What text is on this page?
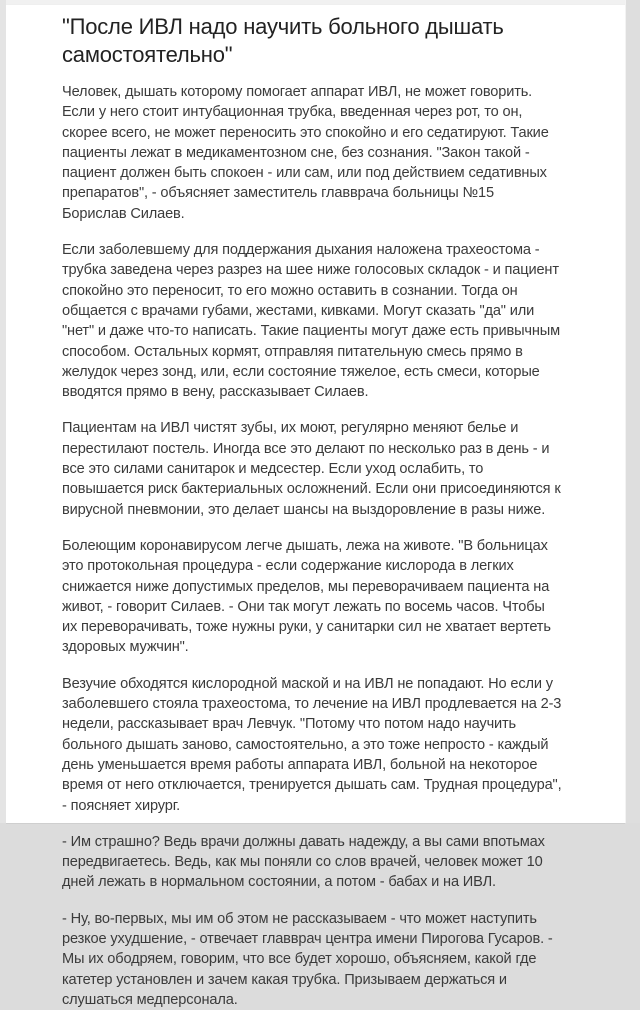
"После ИВЛ надо научить больного дышать самостоятельно"

Человек, дышать которому помогает аппарат ИВЛ, не может говорить. Если у него стоит интубационная трубка, введенная через рот, то он, скорее всего, не может переносить это спокойно и его седатируют. Такие пациенты лежат в медикаментозном сне, без сознания. "Закон такой - пациент должен быть спокоен - или сам, или под действием седативных препаратов", - объясняет заместитель главврача больницы №15 Борислав Силаев.

Если заболевшему для поддержания дыхания наложена трахеостома - трубка заведена через разрез на шее ниже голосовых складок - и пациент спокойно это переносит, то его можно оставить в сознании. Тогда он общается с врачами губами, жестами, кивками. Могут сказать "да" или "нет" и даже что-то написать. Такие пациенты могут даже есть привычным способом. Остальных кормят, отправляя питательную смесь прямо в желудок через зонд, или, если состояние тяжелое, есть смеси, которые вводятся прямо в вену, рассказывает Силаев.

Пациентам на ИВЛ чистят зубы, их моют, регулярно меняют белье и перестилают постель. Иногда все это делают по несколько раз в день - и все это силами санитарок и медсестер. Если уход ослабить, то повышается риск бактериальных осложнений. Если они присоединяются к вирусной пневмонии, это делает шансы на выздоровление в разы ниже.

Болеющим коронавирусом легче дышать, лежа на животе. "В больницах это протокольная процедура - если содержание кислорода в легких снижается ниже допустимых пределов, мы переворачиваем пациента на живот, - говорит Силаев. - Они так могут лежать по восемь часов. Чтобы их переворачивать, тоже нужны руки, у санитарки сил не хватает вертеть здоровых мужчин".

Везучие обходятся кислородной маской и на ИВЛ не попадают. Но если у заболевшего стояла трахеостома, то лечение на ИВЛ продлевается на 2-3 недели, рассказывает врач Левчук. "Потому что потом надо научить больного дышать заново, самостоятельно, а это тоже непросто - каждый день уменьшается время работы аппарата ИВЛ, больной на некоторое время от него отключается, тренируется дышать сам. Трудная процедура", - поясняет хирург.

- Им страшно? Ведь врачи должны давать надежду, а вы сами впотьмах передвигаетесь. Ведь, как мы поняли со слов врачей, человек может 10 дней лежать в нормальном состоянии, а потом - бабах и на ИВЛ.

- Ну, во-первых, мы им об этом не рассказываем - что может наступить резкое ухудшение, - отвечает главврач центра имени Пирогова Гусаров. - Мы их ободряем, говорим, что все будет хорошо, объясняем, какой где катетер установлен и зачем какая трубка. Призываем держаться и слушаться медперсонала.
